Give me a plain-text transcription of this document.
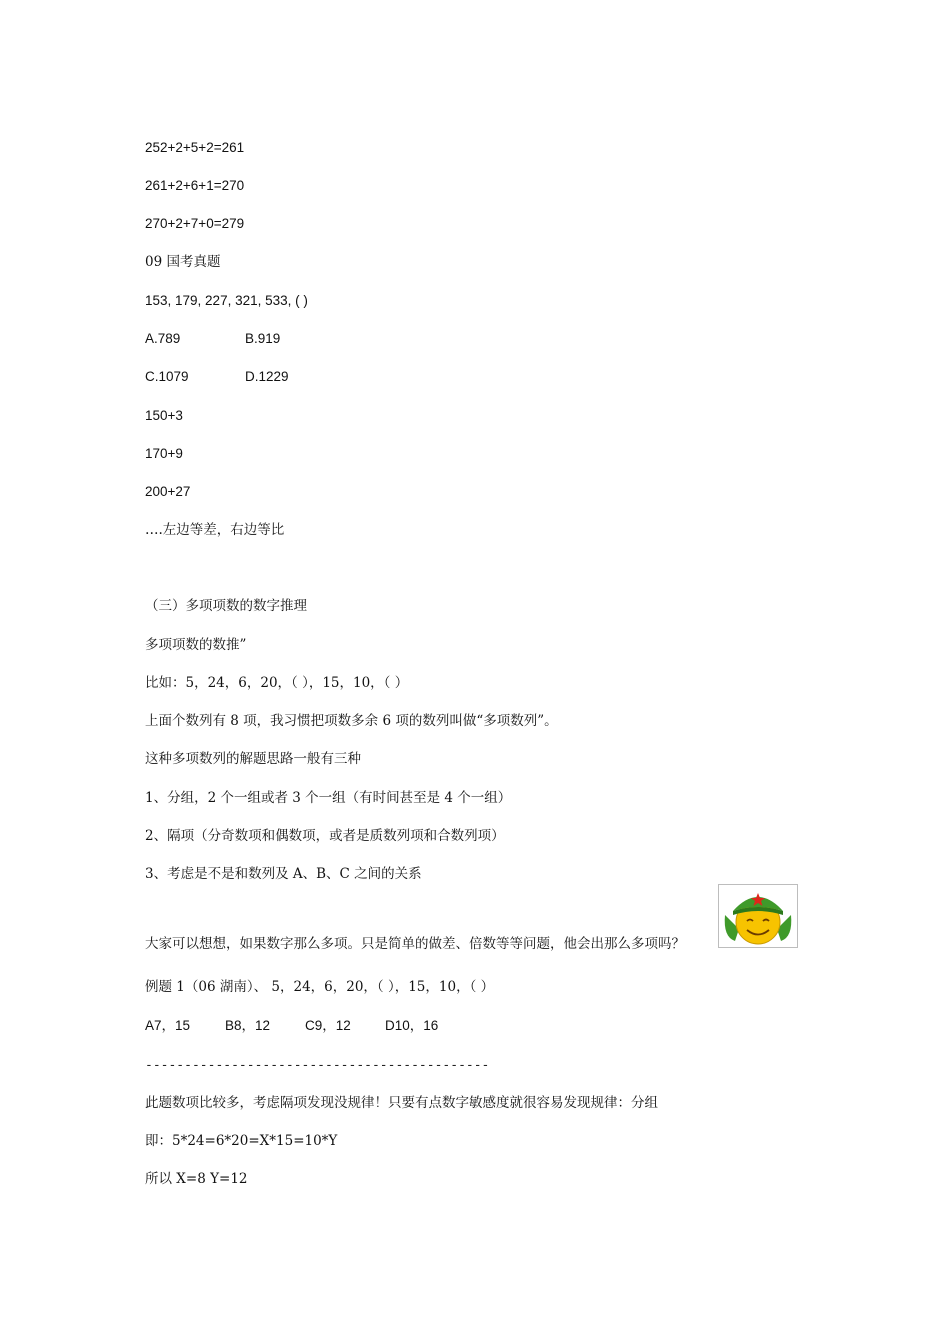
252+2+5+2=261
261+2+6+1=270
270+2+7+0=279
09 国考真题
153, 179, 227, 321, 533, ( )
A.789	B.919
C.1079	D.1229
150+3
170+9
200+27
….左边等差，右边等比
（三）多项项数的数字推理
多项项数的数推”
比如：5，24，6，20，（ ），15，10，（ ）
上面个数列有 8 项，我习惯把项数多余 6 项的数列叫做“多项数列”。
这种多项数列的解题思路一般有三种
1、分组，2 个一组或者 3 个一组（有时间甚至是 4 个一组）
2、隔项（分奇数项和偶数项，或者是质数列项和合数列项）
3、考虑是不是和数列及 A、B、C 之间的关系
大家可以想想，如果数字那么多项。只是简单的做差、倍数等等问题，他会出那么多项吗？
例题 1（06 湖南）、 5，24，6，20，（ ），15，10，（ ）
A7，15	B8，12	C9，12	D10，16
--------------------------------------------
此题数项比较多，考虑隔项发现没规律！只要有点数字敏感度就很容易发现规律：分组
即：5*24=6*20=X*15=10*Y
所以 X=8 Y=12
